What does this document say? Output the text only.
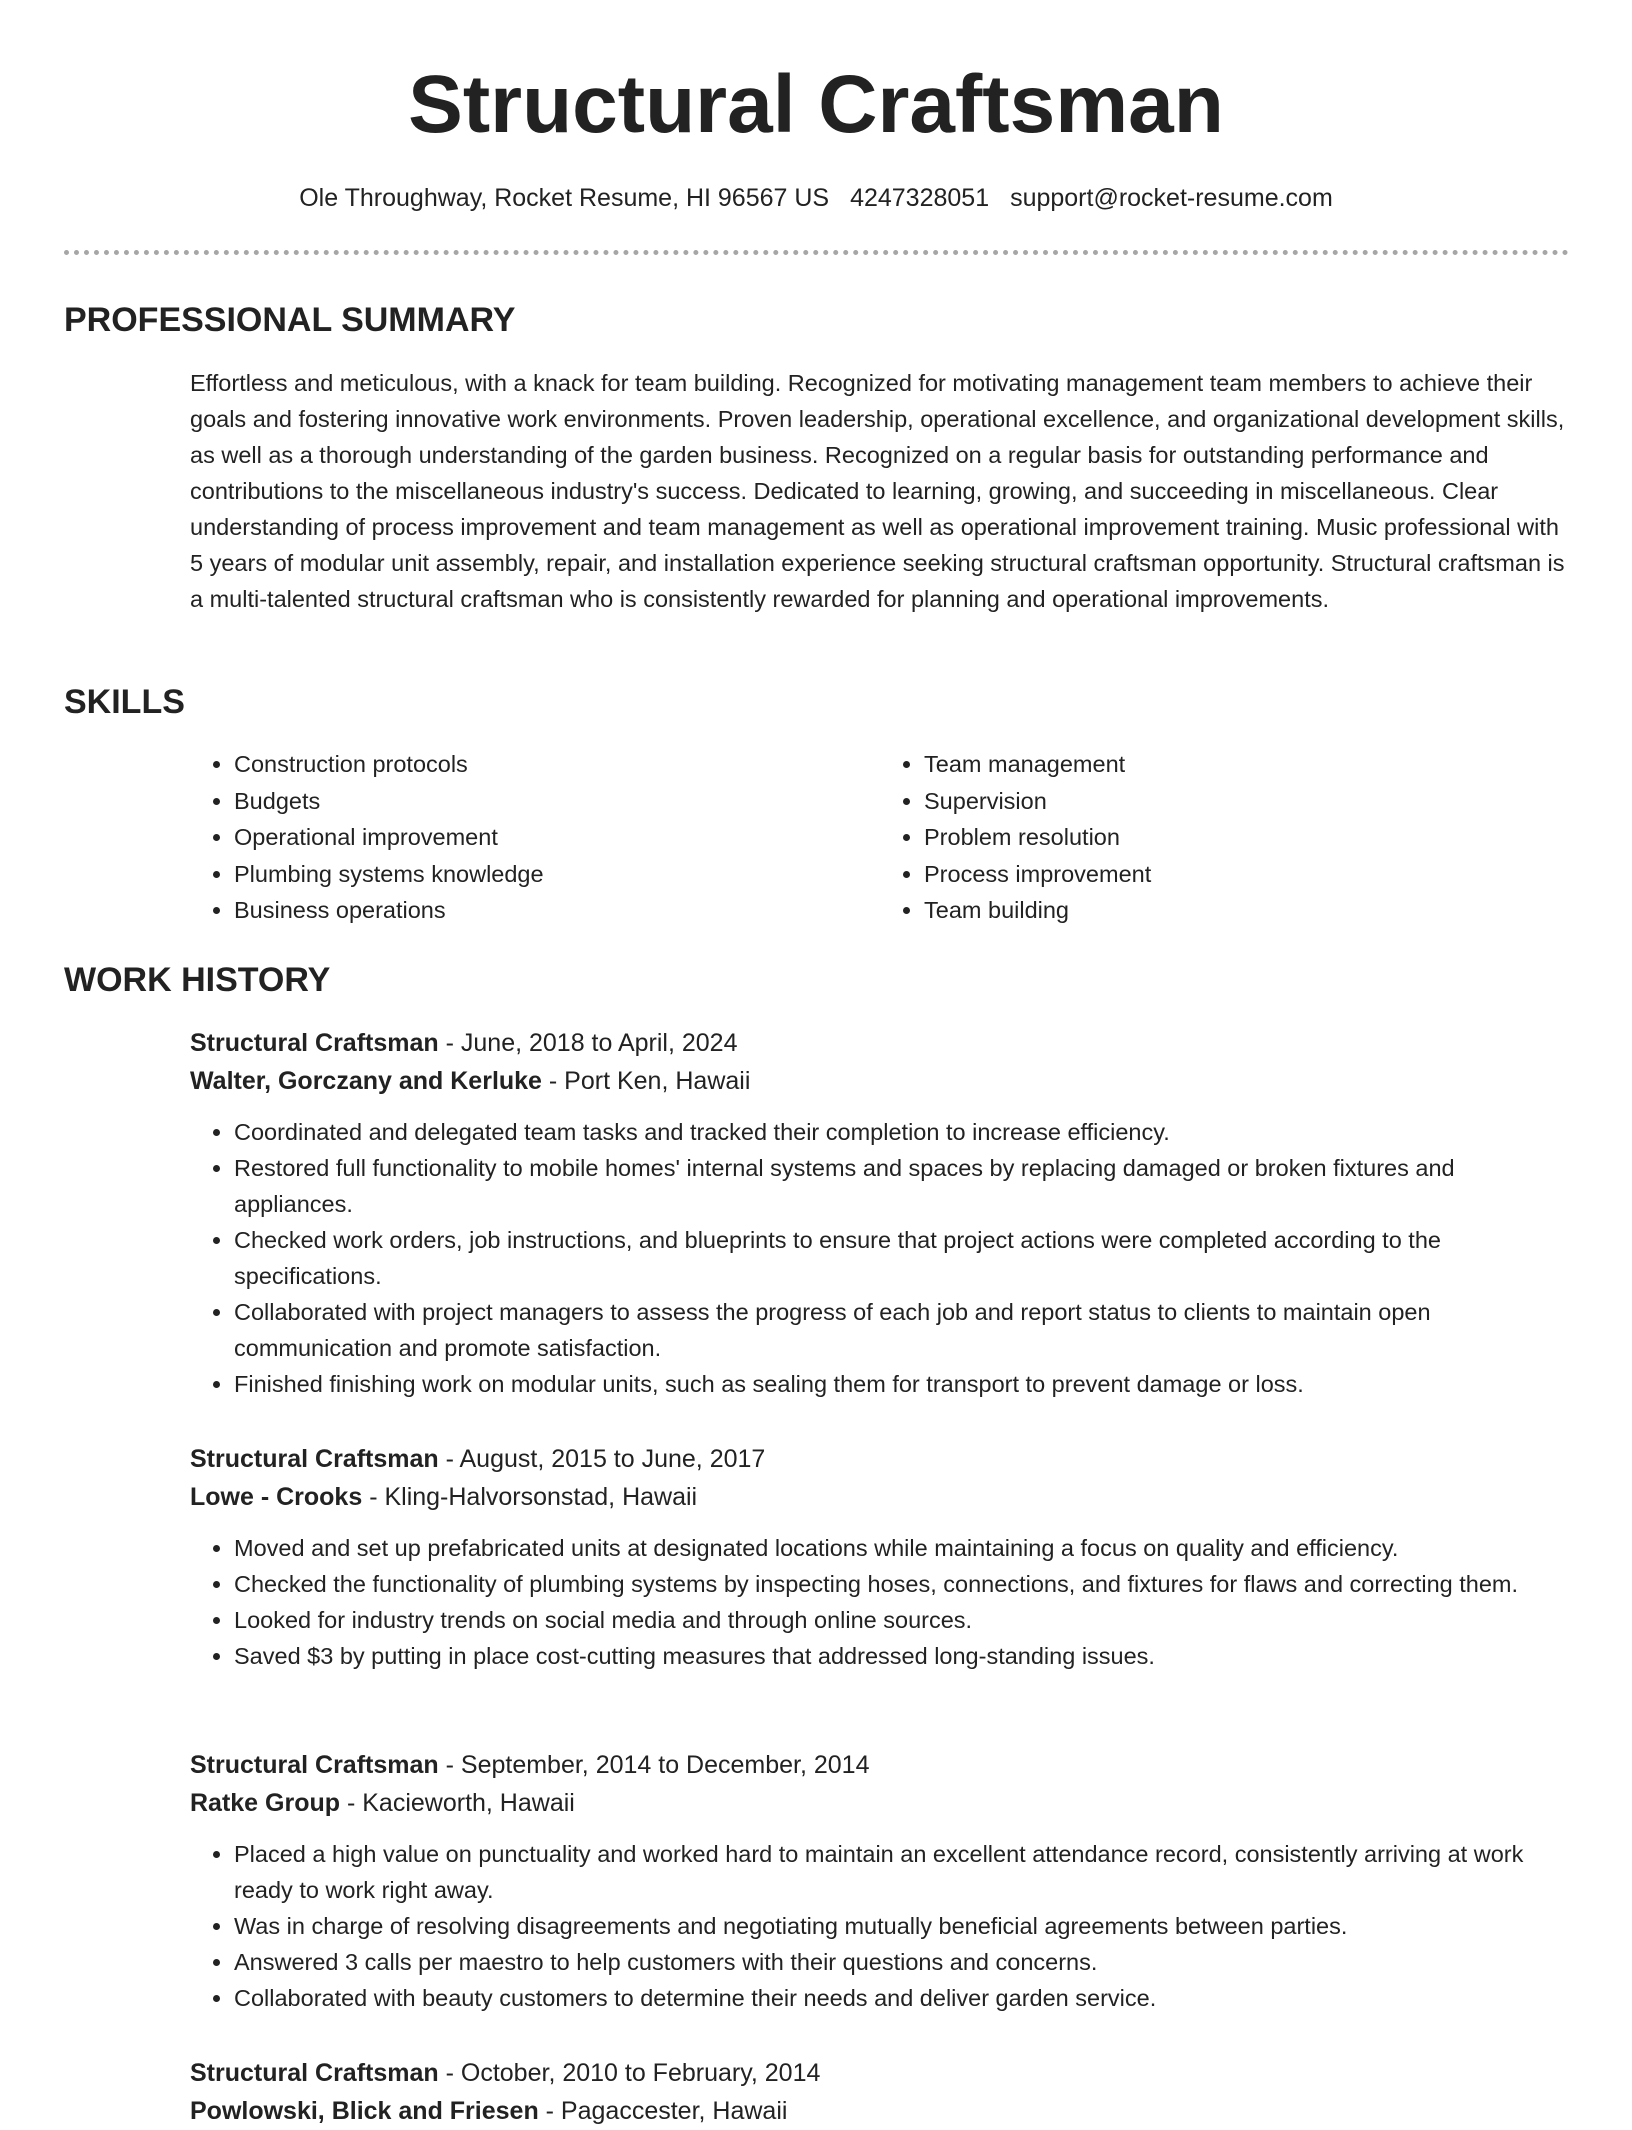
Structural Craftsman
Ole Throughway, Rocket Resume, HI 96567 US 4247328051 support@rocket-resume.com
PROFESSIONAL SUMMARY
Effortless and meticulous, with a knack for team building. Recognized for motivating management team members to achieve their goals and fostering innovative work environments. Proven leadership, operational excellence, and organizational development skills, as well as a thorough understanding of the garden business. Recognized on a regular basis for outstanding performance and contributions to the miscellaneous industry's success. Dedicated to learning, growing, and succeeding in miscellaneous. Clear understanding of process improvement and team management as well as operational improvement training. Music professional with 5 years of modular unit assembly, repair, and installation experience seeking structural craftsman opportunity. Structural craftsman is a multi-talented structural craftsman who is consistently rewarded for planning and operational improvements.
SKILLS
• Construction protocols
• Budgets
• Operational improvement
• Plumbing systems knowledge
• Business operations
• Team management
• Supervision
• Problem resolution
• Process improvement
• Team building
WORK HISTORY
Structural Craftsman - June, 2018 to April, 2024
Walter, Gorczany and Kerluke - Port Ken, Hawaii
• Coordinated and delegated team tasks and tracked their completion to increase efficiency.
• Restored full functionality to mobile homes' internal systems and spaces by replacing damaged or broken fixtures and appliances.
• Checked work orders, job instructions, and blueprints to ensure that project actions were completed according to the specifications.
• Collaborated with project managers to assess the progress of each job and report status to clients to maintain open communication and promote satisfaction.
• Finished finishing work on modular units, such as sealing them for transport to prevent damage or loss.
Structural Craftsman - August, 2015 to June, 2017
Lowe - Crooks - Kling-Halvorsonstad, Hawaii
• Moved and set up prefabricated units at designated locations while maintaining a focus on quality and efficiency.
• Checked the functionality of plumbing systems by inspecting hoses, connections, and fixtures for flaws and correcting them.
• Looked for industry trends on social media and through online sources.
• Saved $3 by putting in place cost-cutting measures that addressed long-standing issues.
Structural Craftsman - September, 2014 to December, 2014
Ratke Group - Kacieworth, Hawaii
• Placed a high value on punctuality and worked hard to maintain an excellent attendance record, consistently arriving at work ready to work right away.
• Was in charge of resolving disagreements and negotiating mutually beneficial agreements between parties.
• Answered 3 calls per maestro to help customers with their questions and concerns.
• Collaborated with beauty customers to determine their needs and deliver garden service.
Structural Craftsman - October, 2010 to February, 2014
Powlowski, Blick and Friesen - Pagaccester, Hawaii
